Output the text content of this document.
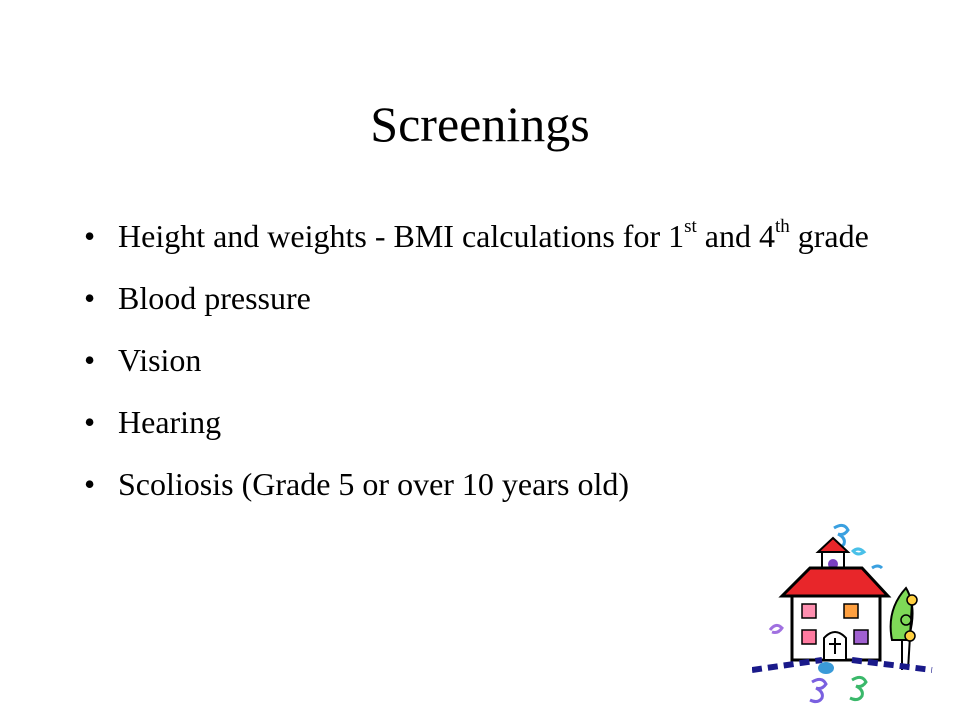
Screenings
• Height and weights - BMI calculations for 1st and 4th grade
• Blood pressure
• Vision
• Hearing
• Scoliosis (Grade 5 or over 10 years old)
